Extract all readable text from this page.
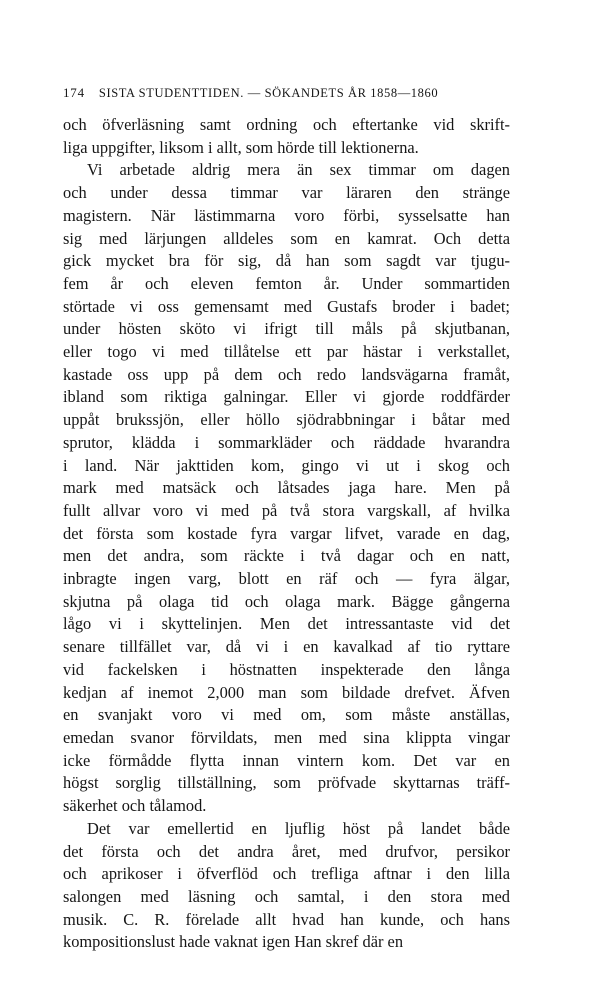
174 SISTA STUDENTTIDEN. — SÖKANDETS ÅR 1858—1860

och öfverläsning samt ordning och eftertanke vid skrift-
liga uppgifter, liksom i allt, som hörde till lektionerna.

Vi arbetade aldrig mera än sex timmar om dagen
och under dessa timmar var läraren den stränge
magistern. När lästimmarna voro förbi, sysselsatte han
sig med lärjungen alldeles som en kamrat. Och detta
gick mycket bra för sig, då han som sagdt var tjugu-
fem år och eleven femton år. Under sommartiden
störtade vi oss gemensamt med Gustafs broder i badet;
under hösten sköto vi ifrigt till måls på skjutbanan,
eller togo vi med tillåtelse ett par hästar i verkstallet,
kastade oss upp på dem och redo landsvägarna framåt,
ibland som riktiga galningar. Eller vi gjorde roddfärder
uppåt brukssjön, eller höllo sjödrabbningar i båtar med
sprutor, klädda i sommarkläder och räddade hvarandra
i land. När jakttiden kom, gingo vi ut i skog och
mark med matsäck och låtsades jaga hare. Men på
fullt allvar voro vi med på två stora vargskall, af hvilka
det första som kostade fyra vargar lifvet, varade en dag,
men det andra, som räckte i två dagar och en natt,
inbragte ingen varg, blott en räf och — fyra älgar,
skjutna på olaga tid och olaga mark. Bägge gångerna
lågo vi i skyttelinjen. Men det intressantaste vid det
senare tillfället var, då vi i en kavalkad af tio ryttare
vid fackelsken i höstnatten inspekterade den långa
kedjan af inemot 2,000 man som bildade drefvet. Äfven
en svanjakt voro vi med om, som måste anställas,
emedan svanor förvildats, men med sina klippta vingar
icke förmådde flytta innan vintern kom. Det var en
högst sorglig tillställning, som pröfvade skyttarnas träff-
säkerhet och tålamod.

Det var emellertid en ljuflig höst på landet både
det första och det andra året, med drufvor, persikor
och aprikoser i öfverflöd och trefliga aftnar i den lilla
salongen med läsning och samtal, i den stora med
musik. C. R. förelade allt hvad han kunde, och hans
kompositionslust hade vaknat igen Han skref där en
